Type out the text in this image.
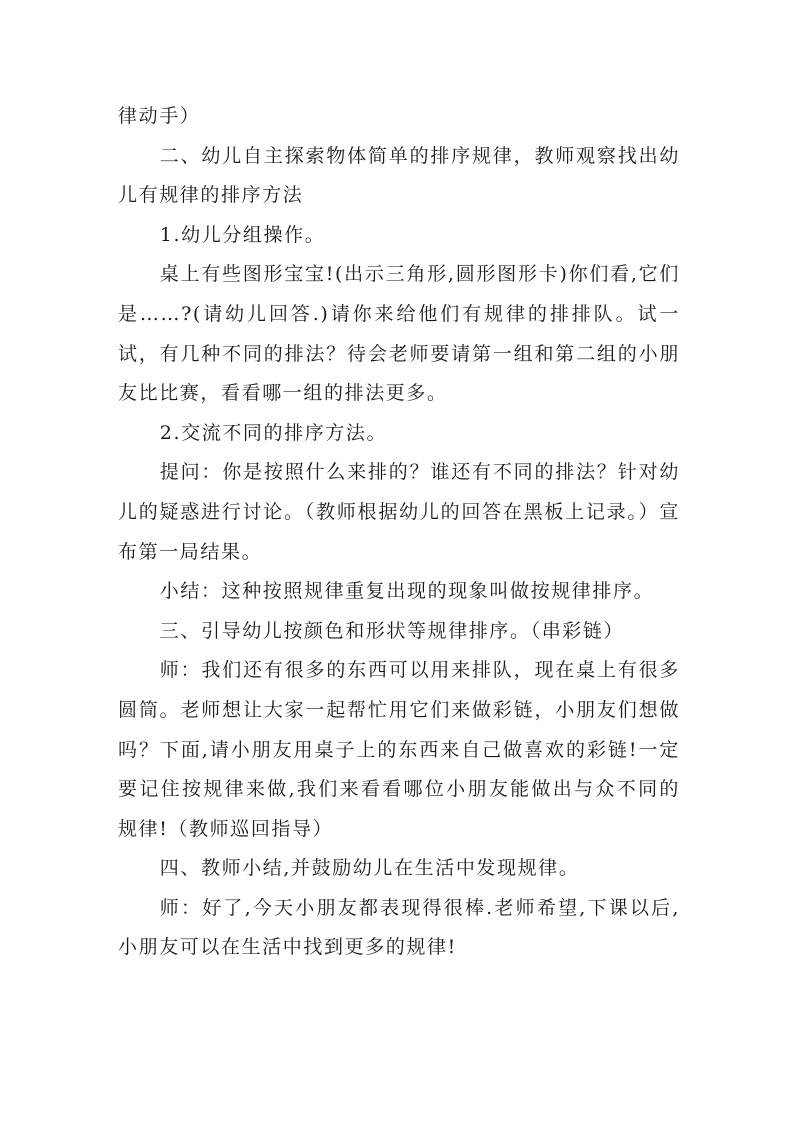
律动手）

二、幼儿自主探索物体简单的排序规律，教师观察找出幼儿有规律的排序方法

1.幼儿分组操作。

桌上有些图形宝宝!(出示三角形,圆形图形卡)你们看,它们是……?(请幼儿回答.)请你来给他们有规律的排排队。试一试，有几种不同的排法？待会老师要请第一组和第二组的小朋友比比赛，看看哪一组的排法更多。

2.交流不同的排序方法。

提问：你是按照什么来排的？谁还有不同的排法？针对幼儿的疑惑进行讨论。（教师根据幼儿的回答在黑板上记录。）宣布第一局结果。

小结：这种按照规律重复出现的现象叫做按规律排序。

三、引导幼儿按颜色和形状等规律排序。（串彩链）

师：我们还有很多的东西可以用来排队，现在桌上有很多圆筒。老师想让大家一起帮忙用它们来做彩链，小朋友们想做吗？下面,请小朋友用桌子上的东西来自己做喜欢的彩链!一定要记住按规律来做,我们来看看哪位小朋友能做出与众不同的规律!（教师巡回指导）

四、教师小结,并鼓励幼儿在生活中发现规律。

师：好了,今天小朋友都表现得很棒.老师希望,下课以后,小朋友可以在生活中找到更多的规律!
